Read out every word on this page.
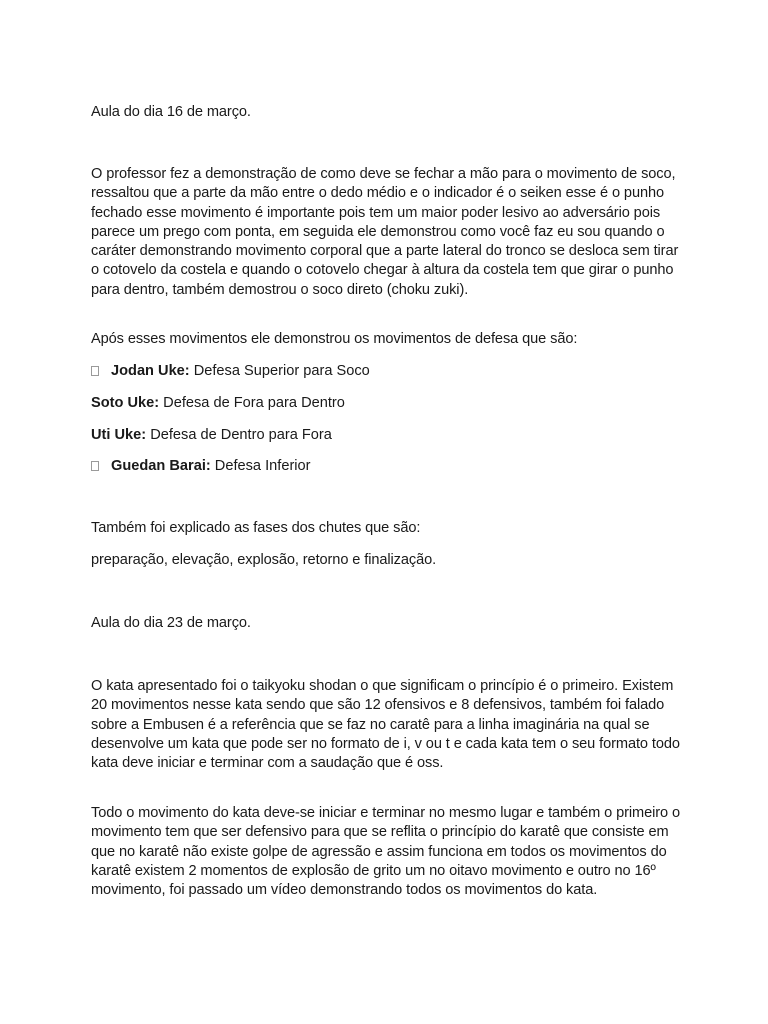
Aula do dia 16 de março.

O professor fez a demonstração de como deve se fechar a mão para o movimento de soco, ressaltou que a parte da mão entre o dedo médio e o indicador é o seiken esse é o punho fechado esse movimento é importante pois tem um maior poder lesivo ao adversário pois parece um prego com ponta, em seguida ele demonstrou como você faz eu sou quando o caráter demonstrando movimento corporal que a parte lateral do tronco se desloca sem tirar o cotovelo da costela e quando o cotovelo chegar à altura da costela tem que girar o punho para dentro, também demostrou o soco direto (choku zuki).

Após esses movimentos ele demonstrou os movimentos de defesa que são:

Jodan Uke: Defesa Superior para Soco
Soto Uke: Defesa de Fora para Dentro
Uti Uke: Defesa de Dentro para Fora
Guedan Barai: Defesa Inferior

Também foi explicado as fases dos chutes que são:

preparação, elevação, explosão, retorno e finalização.

Aula do dia 23 de março.

O kata apresentado foi o taikyoku shodan o que significam o princípio é o primeiro. Existem 20 movimentos nesse kata sendo que são 12 ofensivos e 8 defensivos, também foi falado sobre a Embusen é a referência que se faz no caratê para a linha imaginária na qual se desenvolve um kata que pode ser no formato de i, v ou t e cada kata tem o seu formato todo kata deve iniciar e terminar com a saudação que é oss.

Todo o movimento do kata deve-se iniciar e terminar no mesmo lugar e também o primeiro o movimento tem que ser defensivo para que se reflita o princípio do karatê que consiste em que no karatê não existe golpe de agressão e assim funciona em todos os movimentos do karatê existem 2 momentos de explosão de grito um no oitavo movimento e outro no 16º movimento, foi passado um vídeo demonstrando todos os movimentos do kata.
